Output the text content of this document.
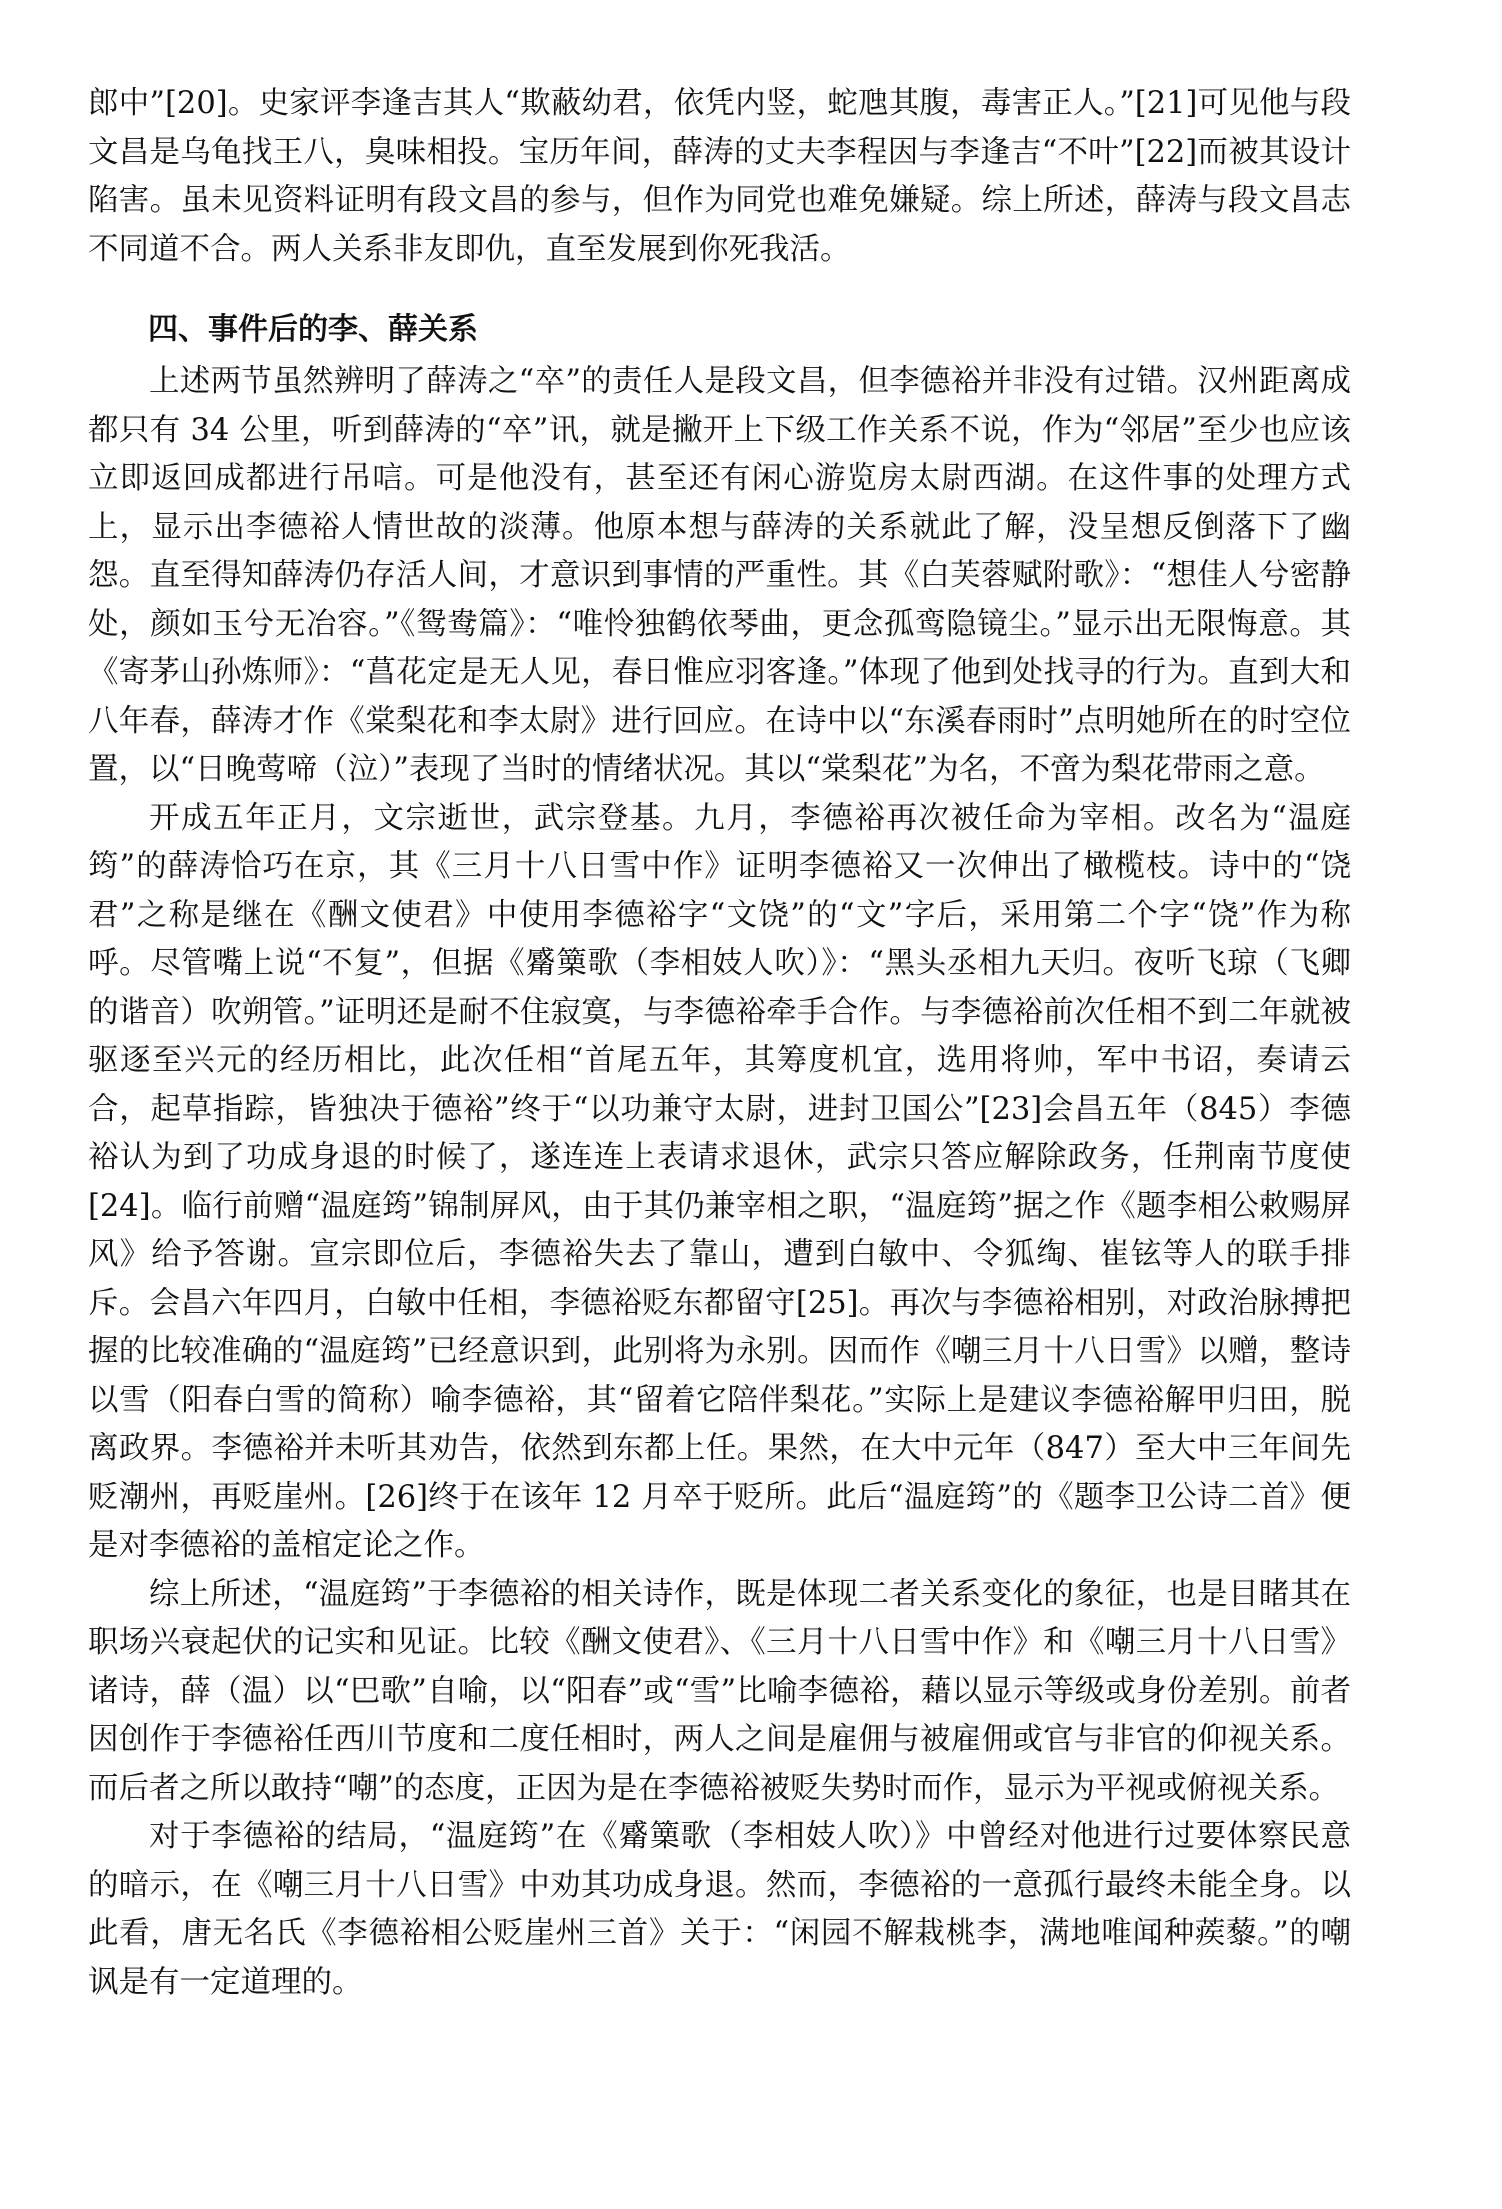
郎中”[20]。史家评李逢吉其人“欺蔽幼君，依凭内竖，蛇虺其腹，毒害正人。”[21]可见他与段文昌是乌龟找王八，臭味相投。宝历年间，薛涛的丈夫李程因与李逢吉“不叶”[22]而被其设计陷害。虽未见资料证明有段文昌的参与，但作为同党也难免嫌疑。综上所述，薛涛与段文昌志不同道不合。两人关系非友即仇，直至发展到你死我活。

四、事件后的李、薛关系

上述两节虽然辨明了薛涛之“卒”的责任人是段文昌，但李德裕并非没有过错。汉州距离成都只有 34 公里，听到薛涛的“卒”讯，就是撇开上下级工作关系不说，作为“邻居”至少也应该立即返回成都进行吊唁。可是他没有，甚至还有闲心游览房太尉西湖。在这件事的处理方式上，显示出李德裕人情世故的淡薄。他原本想与薛涛的关系就此了解，没呈想反倒落下了幽怨。直至得知薛涛仍存活人间，才意识到事情的严重性。其《白芙蓉赋附歌》：“想佳人兮密静处，颜如玉兮无冶容。”《鸳鸯篇》：“唯怜独鹤依琴曲，更念孤鸾隐镜尘。”显示出无限悔意。其《寄茅山孙炼师》：“菖花定是无人见，春日惟应羽客逢。”体现了他到处找寻的行为。直到大和八年春，薛涛才作《棠梨花和李太尉》进行回应。在诗中以“东溪春雨时”点明她所在的时空位置，以“日晚莺啼（泣）”表现了当时的情绪状况。其以“棠梨花”为名，不啻为梨花带雨之意。

开成五年正月，文宗逝世，武宗登基。九月，李德裕再次被任命为宰相。改名为“温庭筠”的薛涛恰巧在京，其《三月十八日雪中作》证明李德裕又一次伸出了橄榄枝。诗中的“饶君”之称是继在《酬文使君》中使用李德裕字“文饶”的“文”字后，采用第二个字“饶”作为称呼。尽管嘴上说“不复”，但据《觱篥歌（李相妓人吹）》：“黑头丞相九天归。夜听飞琼（飞卿的谐音）吹朔管。”证明还是耐不住寂寞，与李德裕牵手合作。与李德裕前次任相不到二年就被驱逐至兴元的经历相比，此次任相“首尾五年，其筹度机宜，选用将帅，军中书诏，奏请云合，起草指踪，皆独决于德裕”终于“以功兼守太尉，进封卫国公”[23]会昌五年（845）李德裕认为到了功成身退的时候了，遂连连上表请求退休，武宗只答应解除政务，任荆南节度使[24]。临行前赠“温庭筠”锦制屏风，由于其仍兼宰相之职，“温庭筠”据之作《题李相公敕赐屏风》给予答谢。宣宗即位后，李德裕失去了靠山，遭到白敏中、令狐绹、崔铉等人的联手排斥。会昌六年四月，白敏中任相，李德裕贬东都留守[25]。再次与李德裕相别，对政治脉搏把握的比较准确的“温庭筠”已经意识到，此别将为永别。因而作《嘲三月十八日雪》以赠，整诗以雪（阳春白雪的简称）喻李德裕，其“留着它陪伴梨花。”实际上是建议李德裕解甲归田，脱离政界。李德裕并未听其劝告，依然到东都上任。果然，在大中元年（847）至大中三年间先贬潮州，再贬崖州。[26]终于在该年 12 月卒于贬所。此后“温庭筠”的《题李卫公诗二首》便是对李德裕的盖棺定论之作。

综上所述，“温庭筠”于李德裕的相关诗作，既是体现二者关系变化的象征，也是目睹其在职场兴衰起伏的记实和见证。比较《酬文使君》、《三月十八日雪中作》和《嘲三月十八日雪》诸诗，薛（温）以“巴歌”自喻，以“阳春”或“雪”比喻李德裕，藉以显示等级或身份差别。前者因创作于李德裕任西川节度和二度任相时，两人之间是雇佣与被雇佣或官与非官的仰视关系。而后者之所以敢持“嘲”的态度，正因为是在李德裕被贬失势时而作，显示为平视或俯视关系。

对于李德裕的结局，“温庭筠”在《觱篥歌（李相妓人吹）》中曾经对他进行过要体察民意的暗示，在《嘲三月十八日雪》中劝其功成身退。然而，李德裕的一意孤行最终未能全身。以此看，唐无名氏《李德裕相公贬崖州三首》关于：“闲园不解栽桃李，满地唯闻种蒺藜。”的嘲讽是有一定道理的。
